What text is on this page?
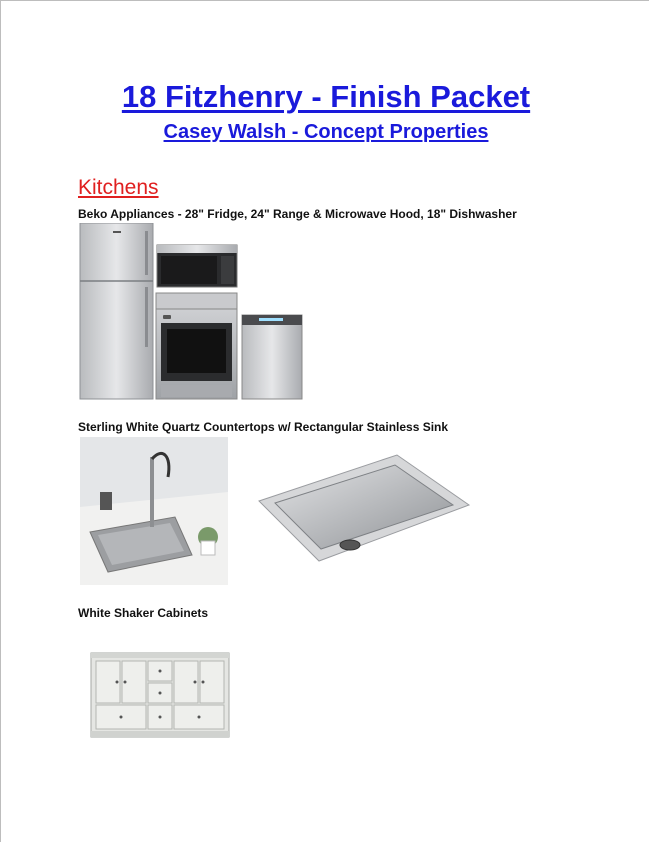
18 Fitzhenry - Finish Packet
Casey Walsh - Concept Properties
Kitchens
Beko Appliances - 28" Fridge, 24" Range & Microwave Hood, 18" Dishwasher
Sterling White Quartz Countertops w/ Rectangular Stainless Sink
White Shaker Cabinets
